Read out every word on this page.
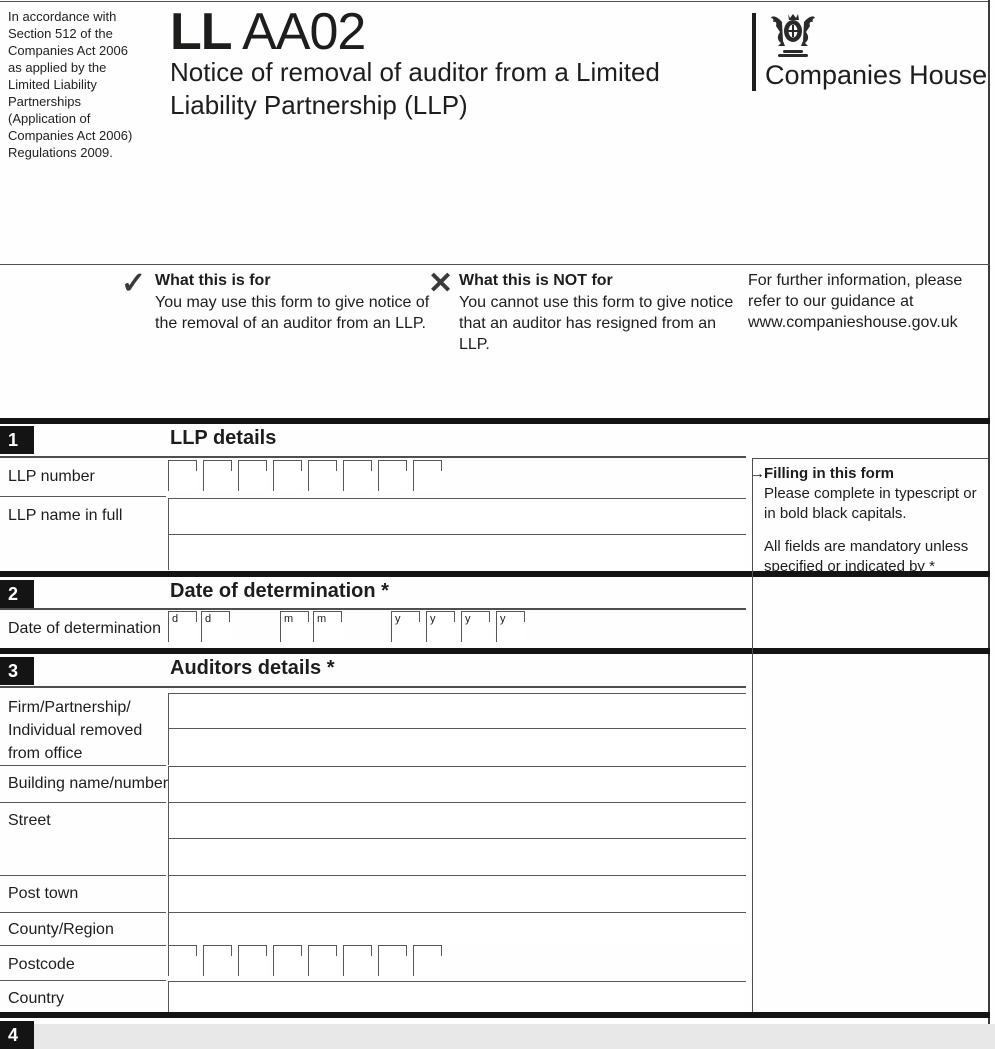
In accordance with Section 512 of the Companies Act 2006 as applied by the Limited Liability Partnerships (Application of Companies Act 2006) Regulations 2009.
LL AA02
Notice of removal of auditor from a Limited Liability Partnership (LLP)
Companies House
✓ What this is for
You may use this form to give notice of the removal of an auditor from an LLP.
✕ What this is NOT for
You cannot use this form to give notice that an auditor has resigned from an LLP.
For further information, please refer to our guidance at www.companieshouse.gov.uk
1	LLP details
LLP number
LLP name in full
→ Filling in this form
Please complete in typescript or in bold black capitals.
All fields are mandatory unless specified or indicated by *
2	Date of determination *
Date of determination
d d	m m	y	y	y	y
3	Auditors details *
Firm/Partnership/
Individual removed
from office
Building name/number
Street
Post town
County/Region
Postcode
Country
4
